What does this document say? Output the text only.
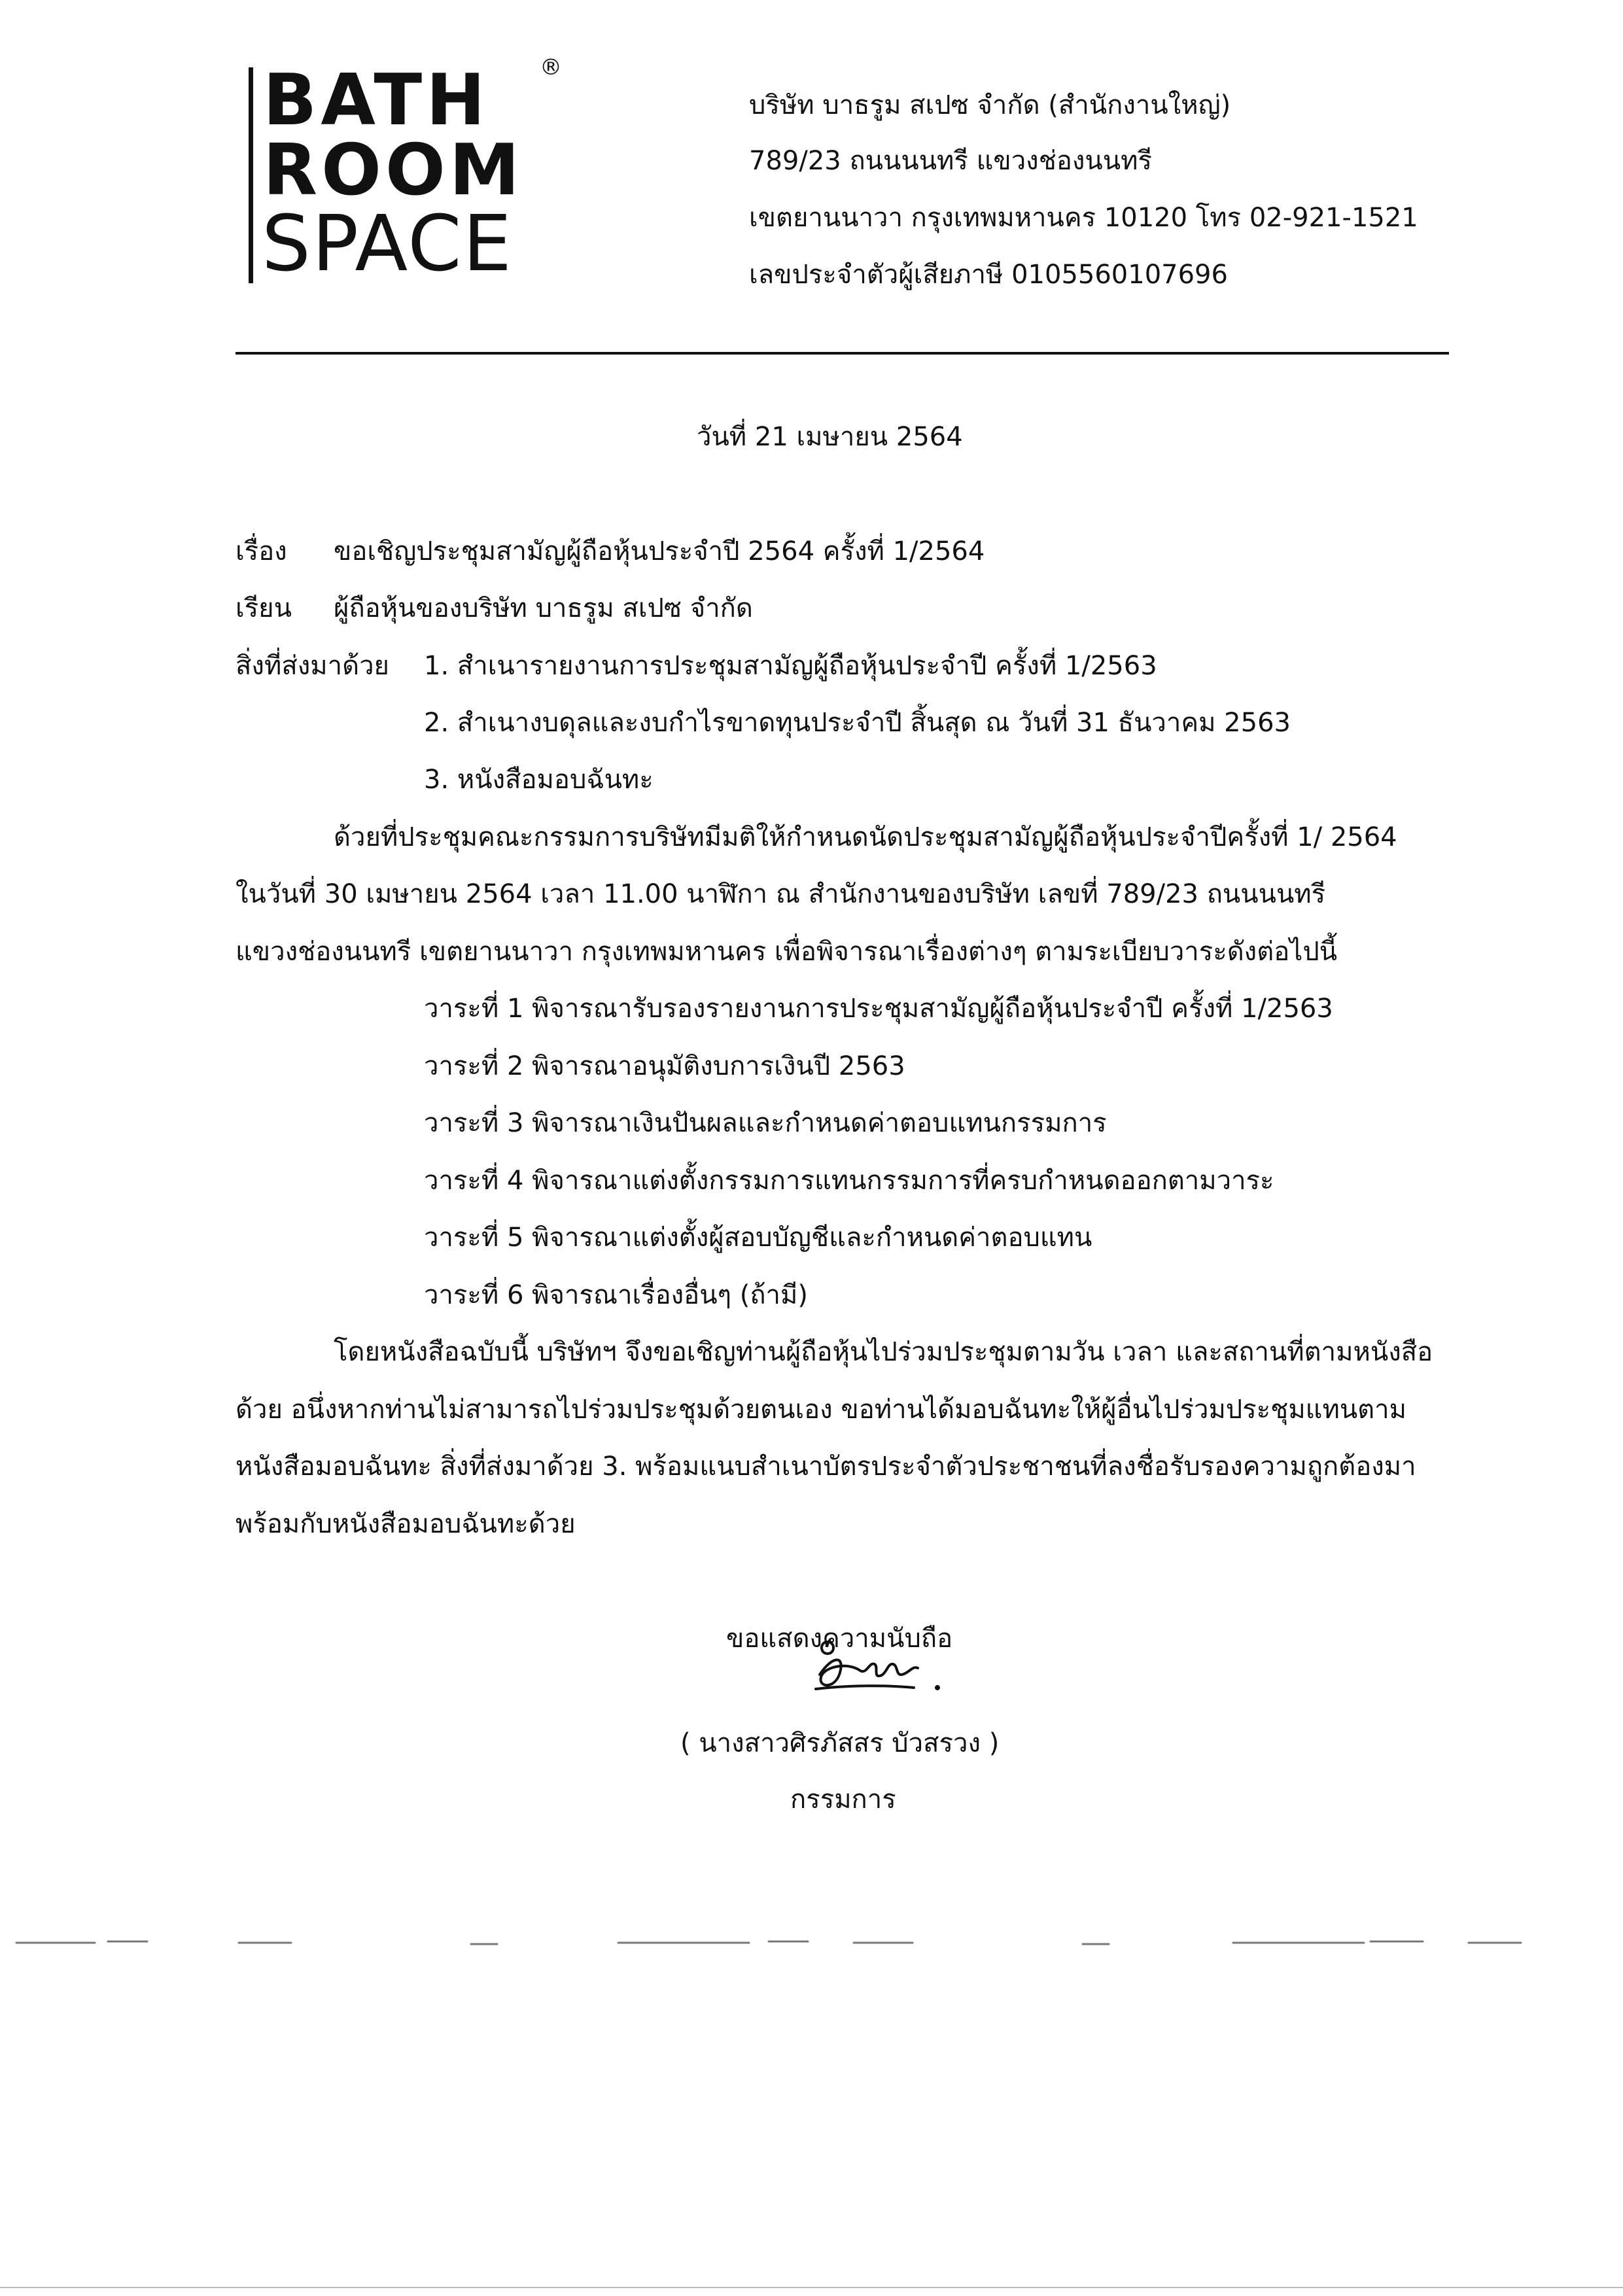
BATH
ROOM
SPACE
®
บริษัท บาธรูม สเปซ จำกัด (สำนักงานใหญ่)
789/23 ถนนนนทรี แขวงช่องนนทรี
เขตยานนาวา กรุงเทพมหานคร 10120 โทร 02-921-1521
เลขประจำตัวผู้เสียภาษี 0105560107696
วันที่ 21 เมษายน 2564
เรื่อง ขอเชิญประชุมสามัญผู้ถือหุ้นประจำปี 2564 ครั้งที่ 1/2564
เรียน ผู้ถือหุ้นของบริษัท บาธรูม สเปซ จำกัด
สิ่งที่ส่งมาด้วย 1. สำเนารายงานการประชุมสามัญผู้ถือหุ้นประจำปี ครั้งที่ 1/2563
2. สำเนางบดุลและงบกำไรขาดทุนประจำปี สิ้นสุด ณ วันที่ 31 ธันวาคม 2563
3. หนังสือมอบฉันทะ
ด้วยที่ประชุมคณะกรรมการบริษัทมีมติให้กำหนดนัดประชุมสามัญผู้ถือหุ้นประจำปีครั้งที่ 1/ 2564
ในวันที่ 30 เมษายน 2564 เวลา 11.00 นาฬิกา ณ สำนักงานของบริษัท เลขที่ 789/23 ถนนนนทรี
แขวงช่องนนทรี เขตยานนาวา กรุงเทพมหานคร เพื่อพิจารณาเรื่องต่างๆ ตามระเบียบวาระดังต่อไปนี้
วาระที่ 1 พิจารณารับรองรายงานการประชุมสามัญผู้ถือหุ้นประจำปี ครั้งที่ 1/2563
วาระที่ 2 พิจารณาอนุมัติงบการเงินปี 2563
วาระที่ 3 พิจารณาเงินปันผลและกำหนดค่าตอบแทนกรรมการ
วาระที่ 4 พิจารณาแต่งตั้งกรรมการแทนกรรมการที่ครบกำหนดออกตามวาระ
วาระที่ 5 พิจารณาแต่งตั้งผู้สอบบัญชีและกำหนดค่าตอบแทน
วาระที่ 6 พิจารณาเรื่องอื่นๆ (ถ้ามี)
โดยหนังสือฉบับนี้ บริษัทฯ จึงขอเชิญท่านผู้ถือหุ้นไปร่วมประชุมตามวัน เวลา และสถานที่ตามหนังสือ
ด้วย อนึ่งหากท่านไม่สามารถไปร่วมประชุมด้วยตนเอง ขอท่านได้มอบฉันทะให้ผู้อื่นไปร่วมประชุมแทนตาม
หนังสือมอบฉันทะ สิ่งที่ส่งมาด้วย 3. พร้อมแนบสำเนาบัตรประจำตัวประชาชนที่ลงชื่อรับรองความถูกต้องมา
พร้อมกับหนังสือมอบฉันทะด้วย
ขอแสดงความนับถือ
( นางสาวศิรภัสสร บัวสรวง )
กรรมการ
